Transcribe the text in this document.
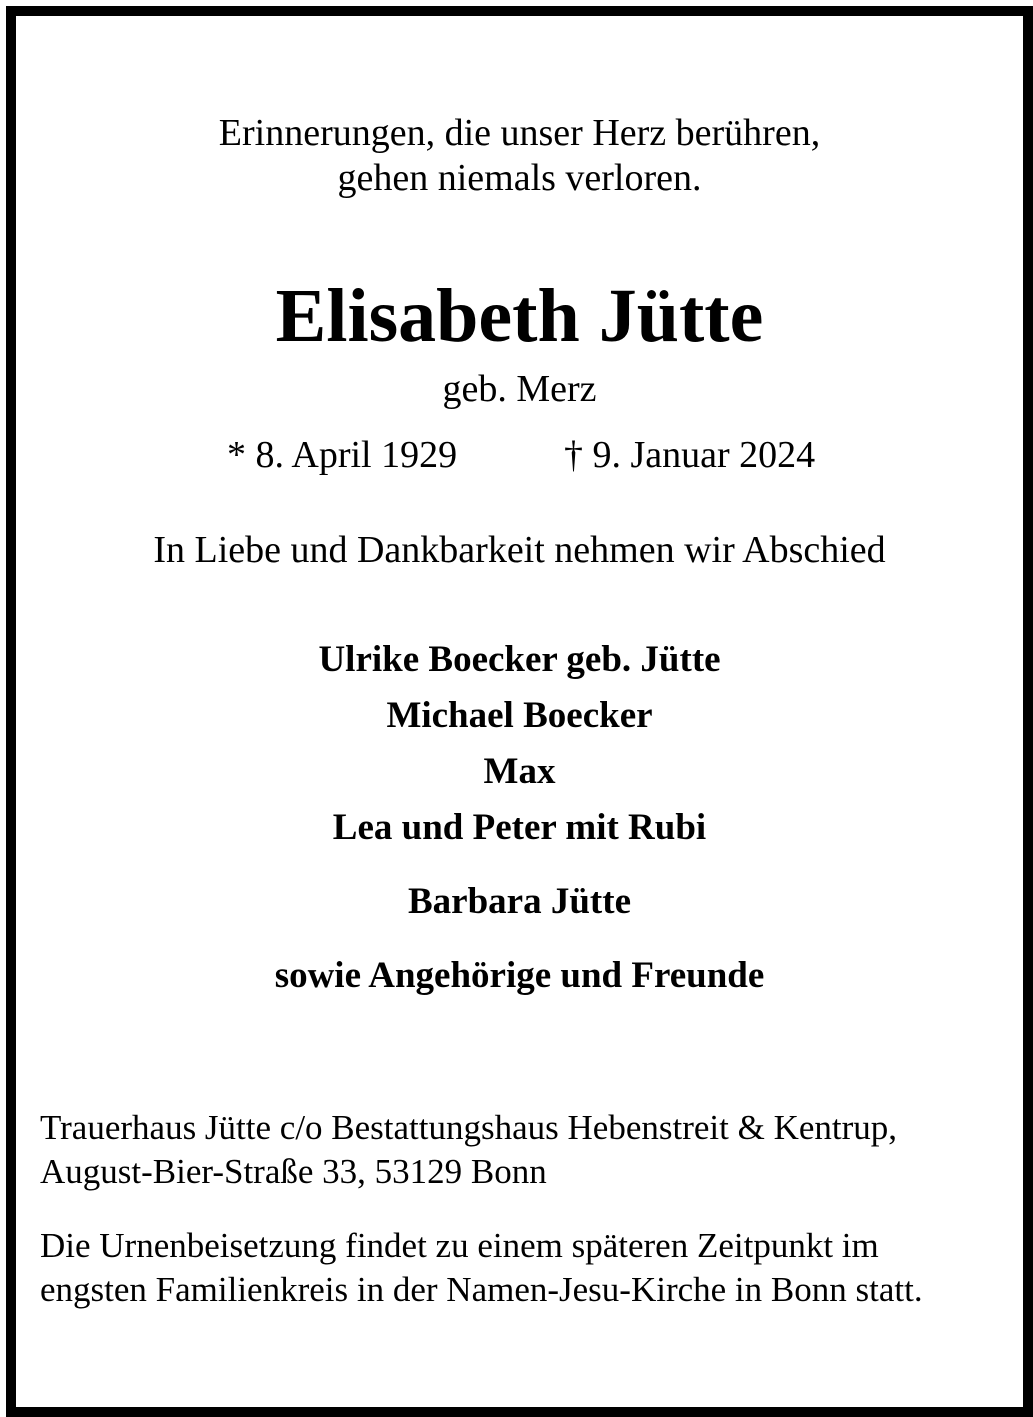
Erinnerungen, die unser Herz berühren,
gehen niemals verloren.
Elisabeth Jütte
geb. Merz
* 8. April 1929	† 9. Januar 2024
In Liebe und Dankbarkeit nehmen wir Abschied
Ulrike Boecker geb. Jütte
Michael Boecker
Max
Lea und Peter mit Rubi
Barbara Jütte
sowie Angehörige und Freunde
Trauerhaus Jütte c/o Bestattungshaus Hebenstreit & Kentrup,
August-Bier-Straße 33, 53129 Bonn
Die Urnenbeisetzung findet zu einem späteren Zeitpunkt im
engsten Familienkreis in der Namen-Jesu-Kirche in Bonn statt.
